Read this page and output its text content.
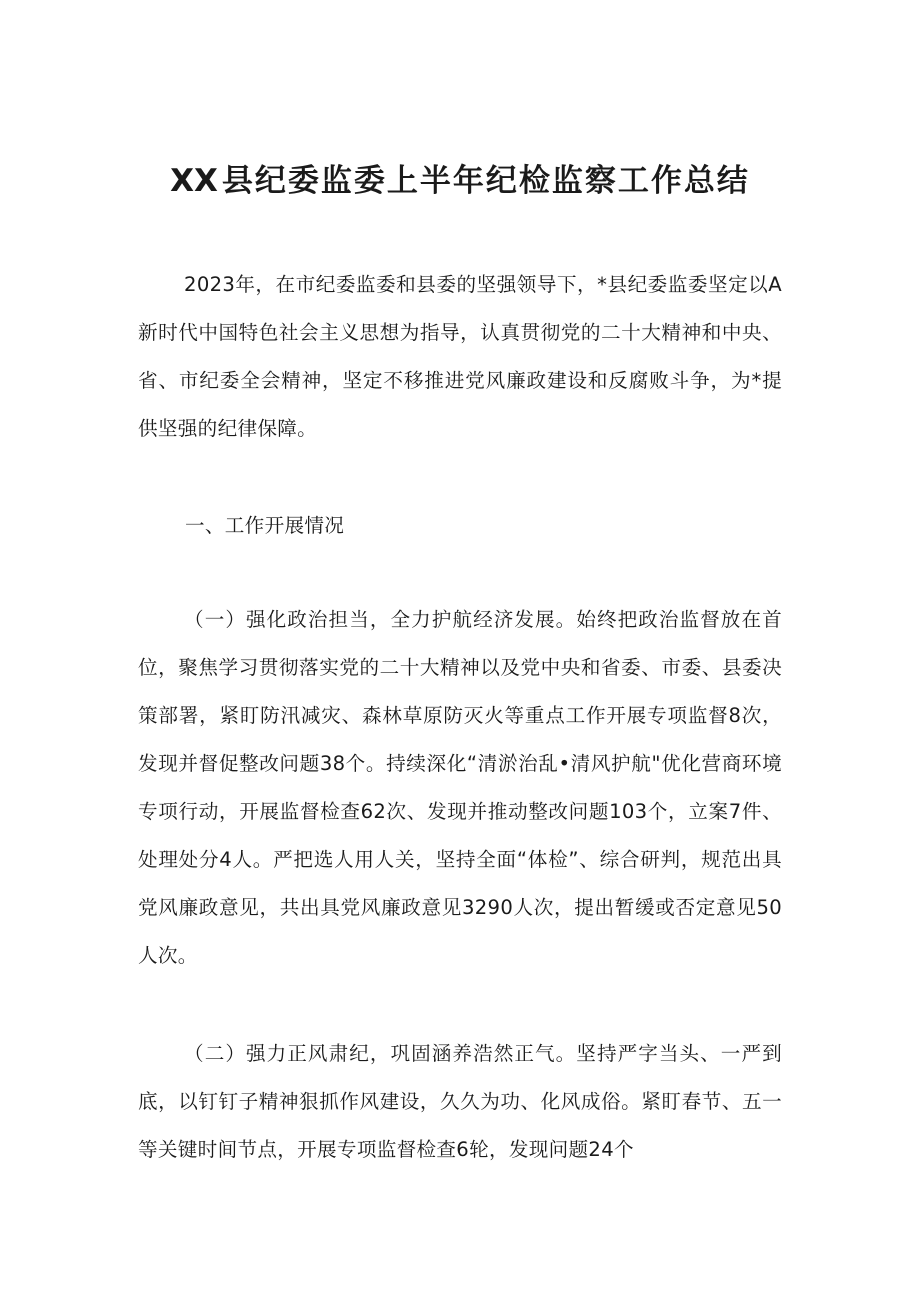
XX 县纪委监委上半年纪检监察工作总结

2023年，在市纪委监委和县委的坚强领导下，*县纪委监委坚定以A新时代中国特色社会主义思想为指导，认真贯彻党的二十大精神和中央、省、市纪委全会精神，坚定不移推进党风廉政建设和反腐败斗争，为*提供坚强的纪律保障。

一、工作开展情况

（一）强化政治担当，全力护航经济发展。始终把政治监督放在首位，聚焦学习贯彻落实党的二十大精神以及党中央和省委、市委、县委决策部署，紧盯防汛减灾、森林草原防灭火等重点工作开展专项监督8次，发现并督促整改问题38个。持续深化“清淤治乱•清风护航"优化营商环境专项行动，开展监督检查62次、发现并推动整改问题103个，立案7件、处理处分4人。严把选人用人关，坚持全面“体检”、综合研判，规范出具党风廉政意见，共出具党风廉政意见3290人次，提出暂缓或否定意见50人次。

（二）强力正风肃纪，巩固涵养浩然正气。坚持严字当头、一严到底，以钉钉子精神狠抓作风建设，久久为功、化风成俗。紧盯春节、五一等关键时间节点，开展专项监督检查6轮，发现问题24个
